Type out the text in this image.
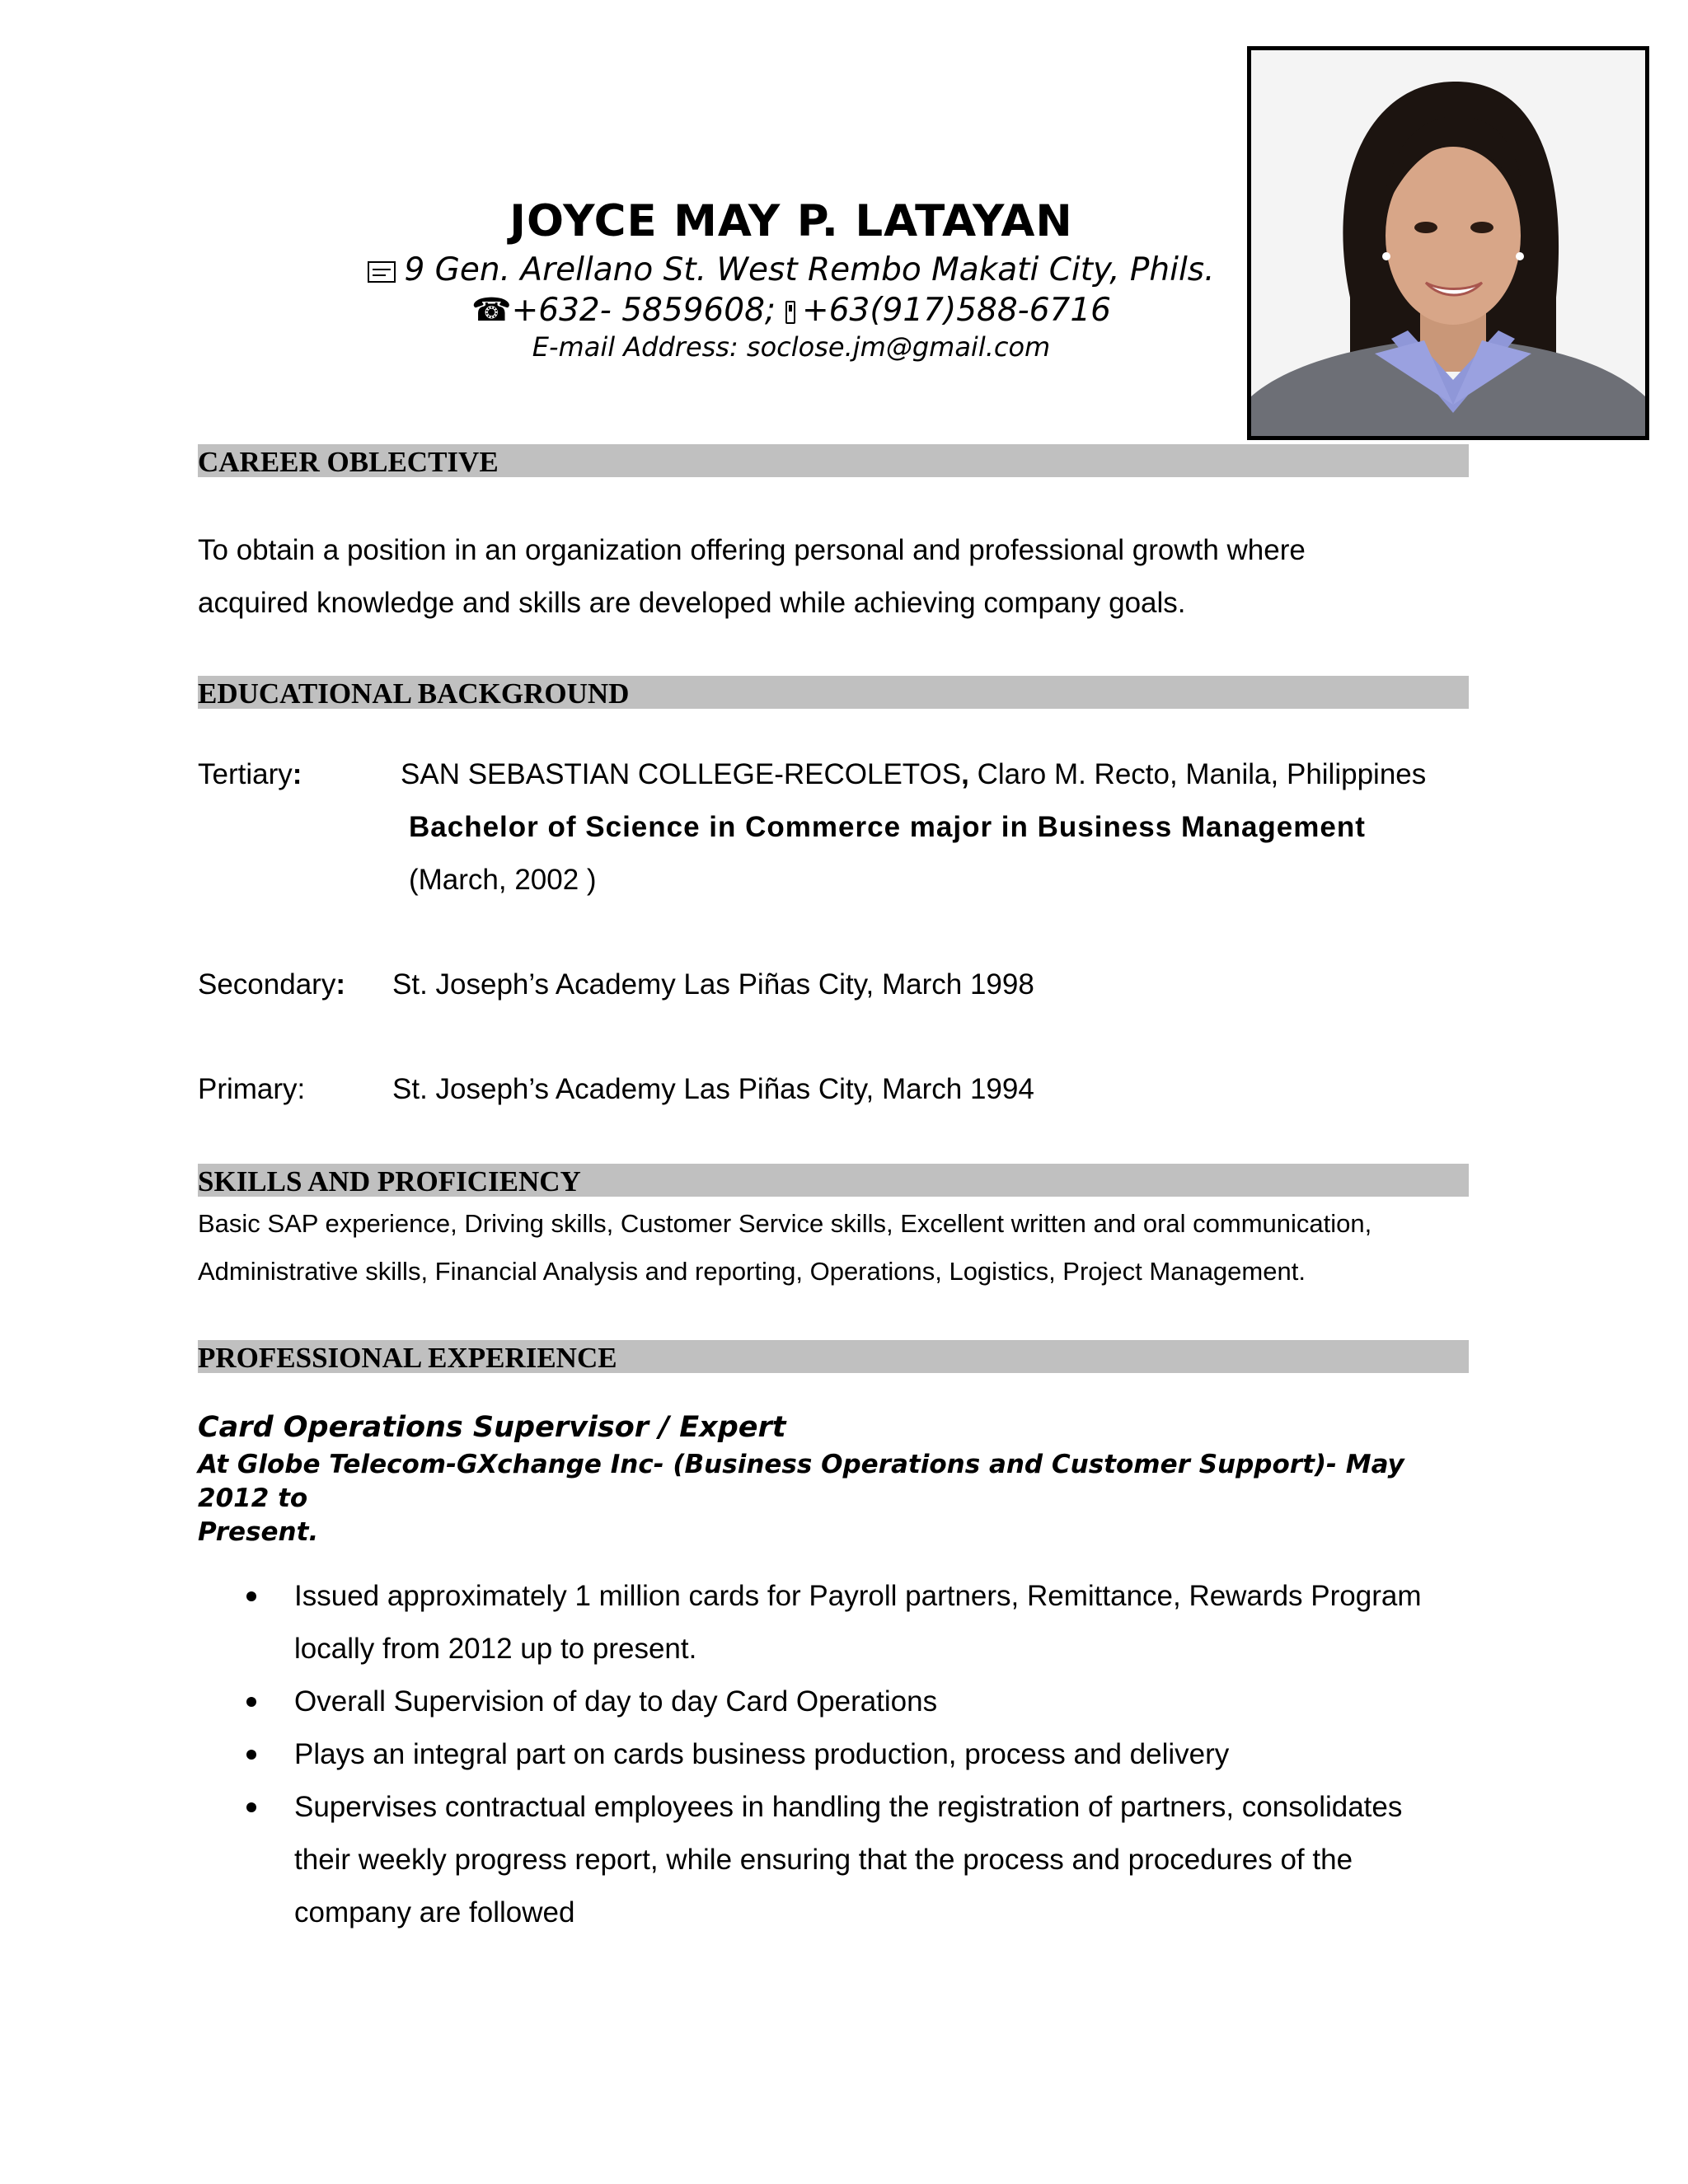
JOYCE MAY P. LATAYAN
9 Gen. Arellano St. West Rembo Makati City, Phils.
☎+632- 5859608; +63(917)588-6716
E-mail Address: soclose.jm@gmail.com
CAREER OBLECTIVE
To obtain a position in an organization offering personal and professional growth where
acquired knowledge and skills are developed while achieving company goals.
EDUCATIONAL BACKGROUND
Tertiary:	SAN SEBASTIAN COLLEGE-RECOLETOS, Claro M. Recto, Manila, Philippines
Bachelor of Science in Commerce major in Business Management
(March, 2002 )
Secondary: St. Joseph’s Academy Las Piñas City, March 1998
Primary:	St. Joseph’s Academy Las Piñas City, March 1994
SKILLS AND PROFICIENCY
Basic SAP experience, Driving skills, Customer Service skills, Excellent written and oral communication,
Administrative skills, Financial Analysis and reporting, Operations, Logistics, Project Management.
PROFESSIONAL EXPERIENCE
Card Operations Supervisor / Expert
At Globe Telecom-GXchange Inc- (Business Operations and Customer Support)- May 2012 to
Present.
Issued approximately 1 million cards for Payroll partners, Remittance, Rewards Program
locally from 2012 up to present.
Overall Supervision of day to day Card Operations
Plays an integral part on cards business production, process and delivery
Supervises contractual employees in handling the registration of partners, consolidates
their weekly progress report, while ensuring that the process and procedures of the
company are followed
